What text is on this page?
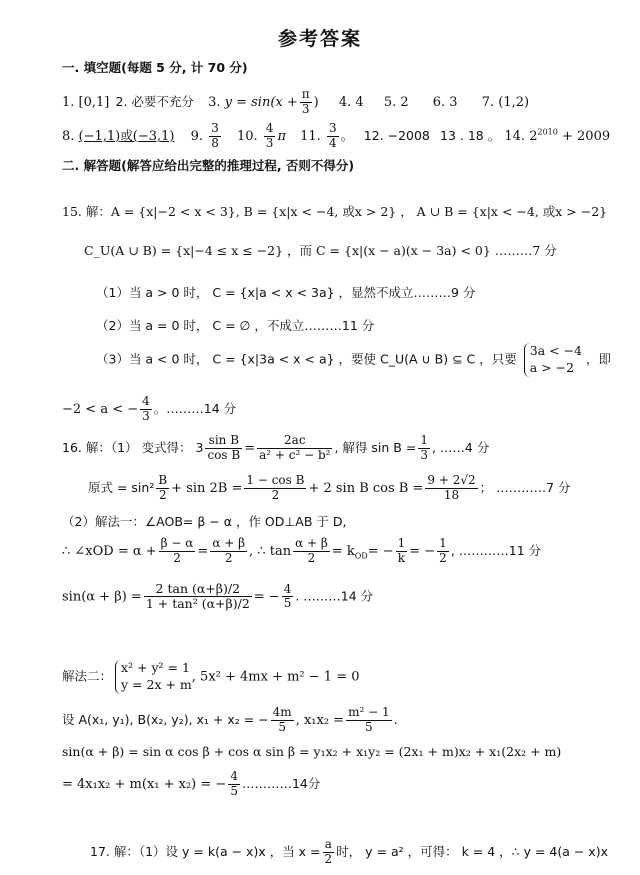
参考答案
一. 填空题(每题 5 分, 计 70 分)
1. [0,1] 2. 必要不充分 3. $y = \sin(x + \frac{\pi}{3}$ ) 4. 4 5. 2 6. 3 7. (1,2)
8. (−1,1)或(−3,1) 9. $\frac{3}{8} 10$. $\frac{4}{3}$ π 11. $\frac{3}{4}$ 。 12. −2008 13 . 18 。 14. $2^{2010} + 2009$
二. 解答题(解答应给出完整的推理过程, 否则不得分)
15. 解：A = {x|−2 < x < 3}, B = {x|x < −4, 或x > 2} ， A ∪ B = {x|x < −4, 或x > −2}
C_U(A ∪ B) = {x|−4 ≤ x ≤ −2} ，而 C = {x|(x − a)(x − 3a) < 0} ………7 分
（1）当 a > 0 时， C = {x|a < x < 3a} ，显然不成立………9 分
（2）当 a = 0 时， C = ∅ ，不成立………11 分
（3）当 a < 0 时， C = {x|3a < x < a} ，要使 C_U(A ∪ B) ⊆ C ，只要
3a < −4
a > −2
，即
−2 < a < − $\frac{4}{3}$ 。………14 分
16. 解：（1） 变式得： $3 \frac{\text{sin B}}{\text{cos B}} = \frac{2ac}{\text{a² + c² − b²}}$ , 解得 $\sin B = \frac{1}{3}$ , ……4 分
原式 = $\sin^2 \frac{B}{2} + \sin 2B = \frac{\text{1 − cos B}}{2} + 2$ sin B $\cos B = \frac{9 + 2√2}{18}$ ； …………7 分
（2）解法一：∠AOB= β − α ，作 OD⊥AB 于 D,
∴ ∠xOD = $\alpha + \frac{\beta - \alpha}{2} = \frac{\alpha + \beta}{2}$ , ∴ $\tan \frac{\alpha + \beta}{2} = k_{OD}= - \frac{1}{k}$ = − $\frac{1}{2}$ , …………11 分
$\sin(\alpha + \beta) = \frac{2 \tan (\alpha+\beta)/2}{\text{1 + tan² (α+β)/2}}$ = − $\frac{4}{5}$ . ………14 分
解法二：
x² + y² = 1
y = 2x + m , 5x² + 4mx + m² − 1 = 0
设 A(x₁, y₁), B(x₂, y₂), x₁ + x₂ = − $\frac{4m}{5}$ , $x_1x_2 = \frac{\text{m² − 1}}{5}$ .
sin(α + β) = sin α cos β + cos α sin β = y₁x₂ + x₁y₂ = (2x₁ + m)x₂ + x₁(2x₂ + m)
= 4x₁x₂ + m(x₁ + x₂) = − $\frac{4}{5}$ …………14分
17. 解：（1）设 y = k(a − x)x ，当 $x = \frac{a}{2}$ 时， y = a² ，可得： k = 4 ，∴ y = 4(a − x)x
